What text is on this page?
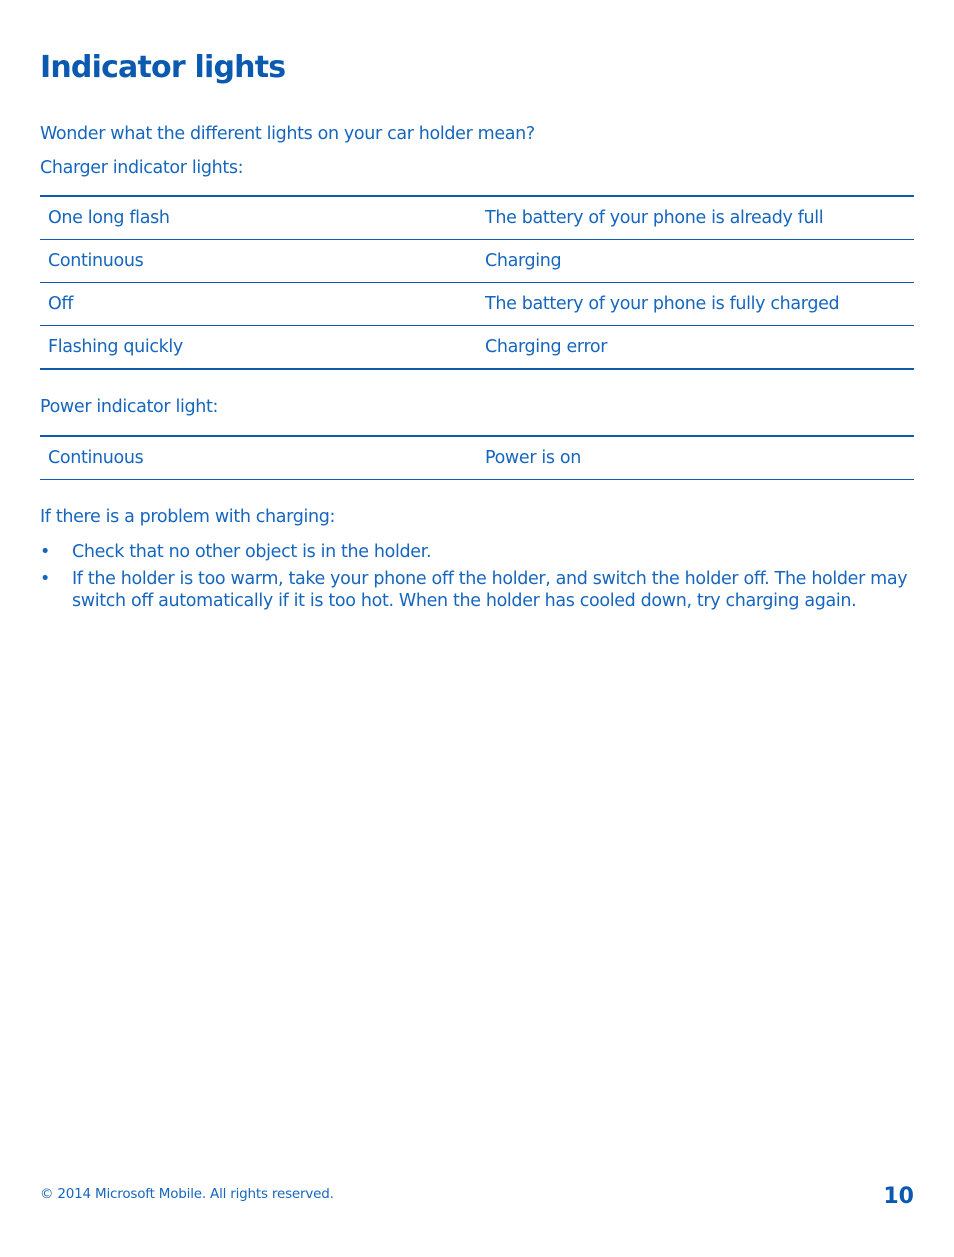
Indicator lights

Wonder what the different lights on your car holder mean?

Charger indicator lights:

One long flash	The battery of your phone is already full
Continuous	Charging
Off	The battery of your phone is fully charged
Flashing quickly	Charging error

Power indicator light:

Continuous	Power is on

If there is a problem with charging:

•	Check that no other object is in the holder.
•	If the holder is too warm, take your phone off the holder, and switch the holder off. The holder may switch off automatically if it is too hot. When the holder has cooled down, try charging again.
© 2014 Microsoft Mobile. All rights reserved.	10
